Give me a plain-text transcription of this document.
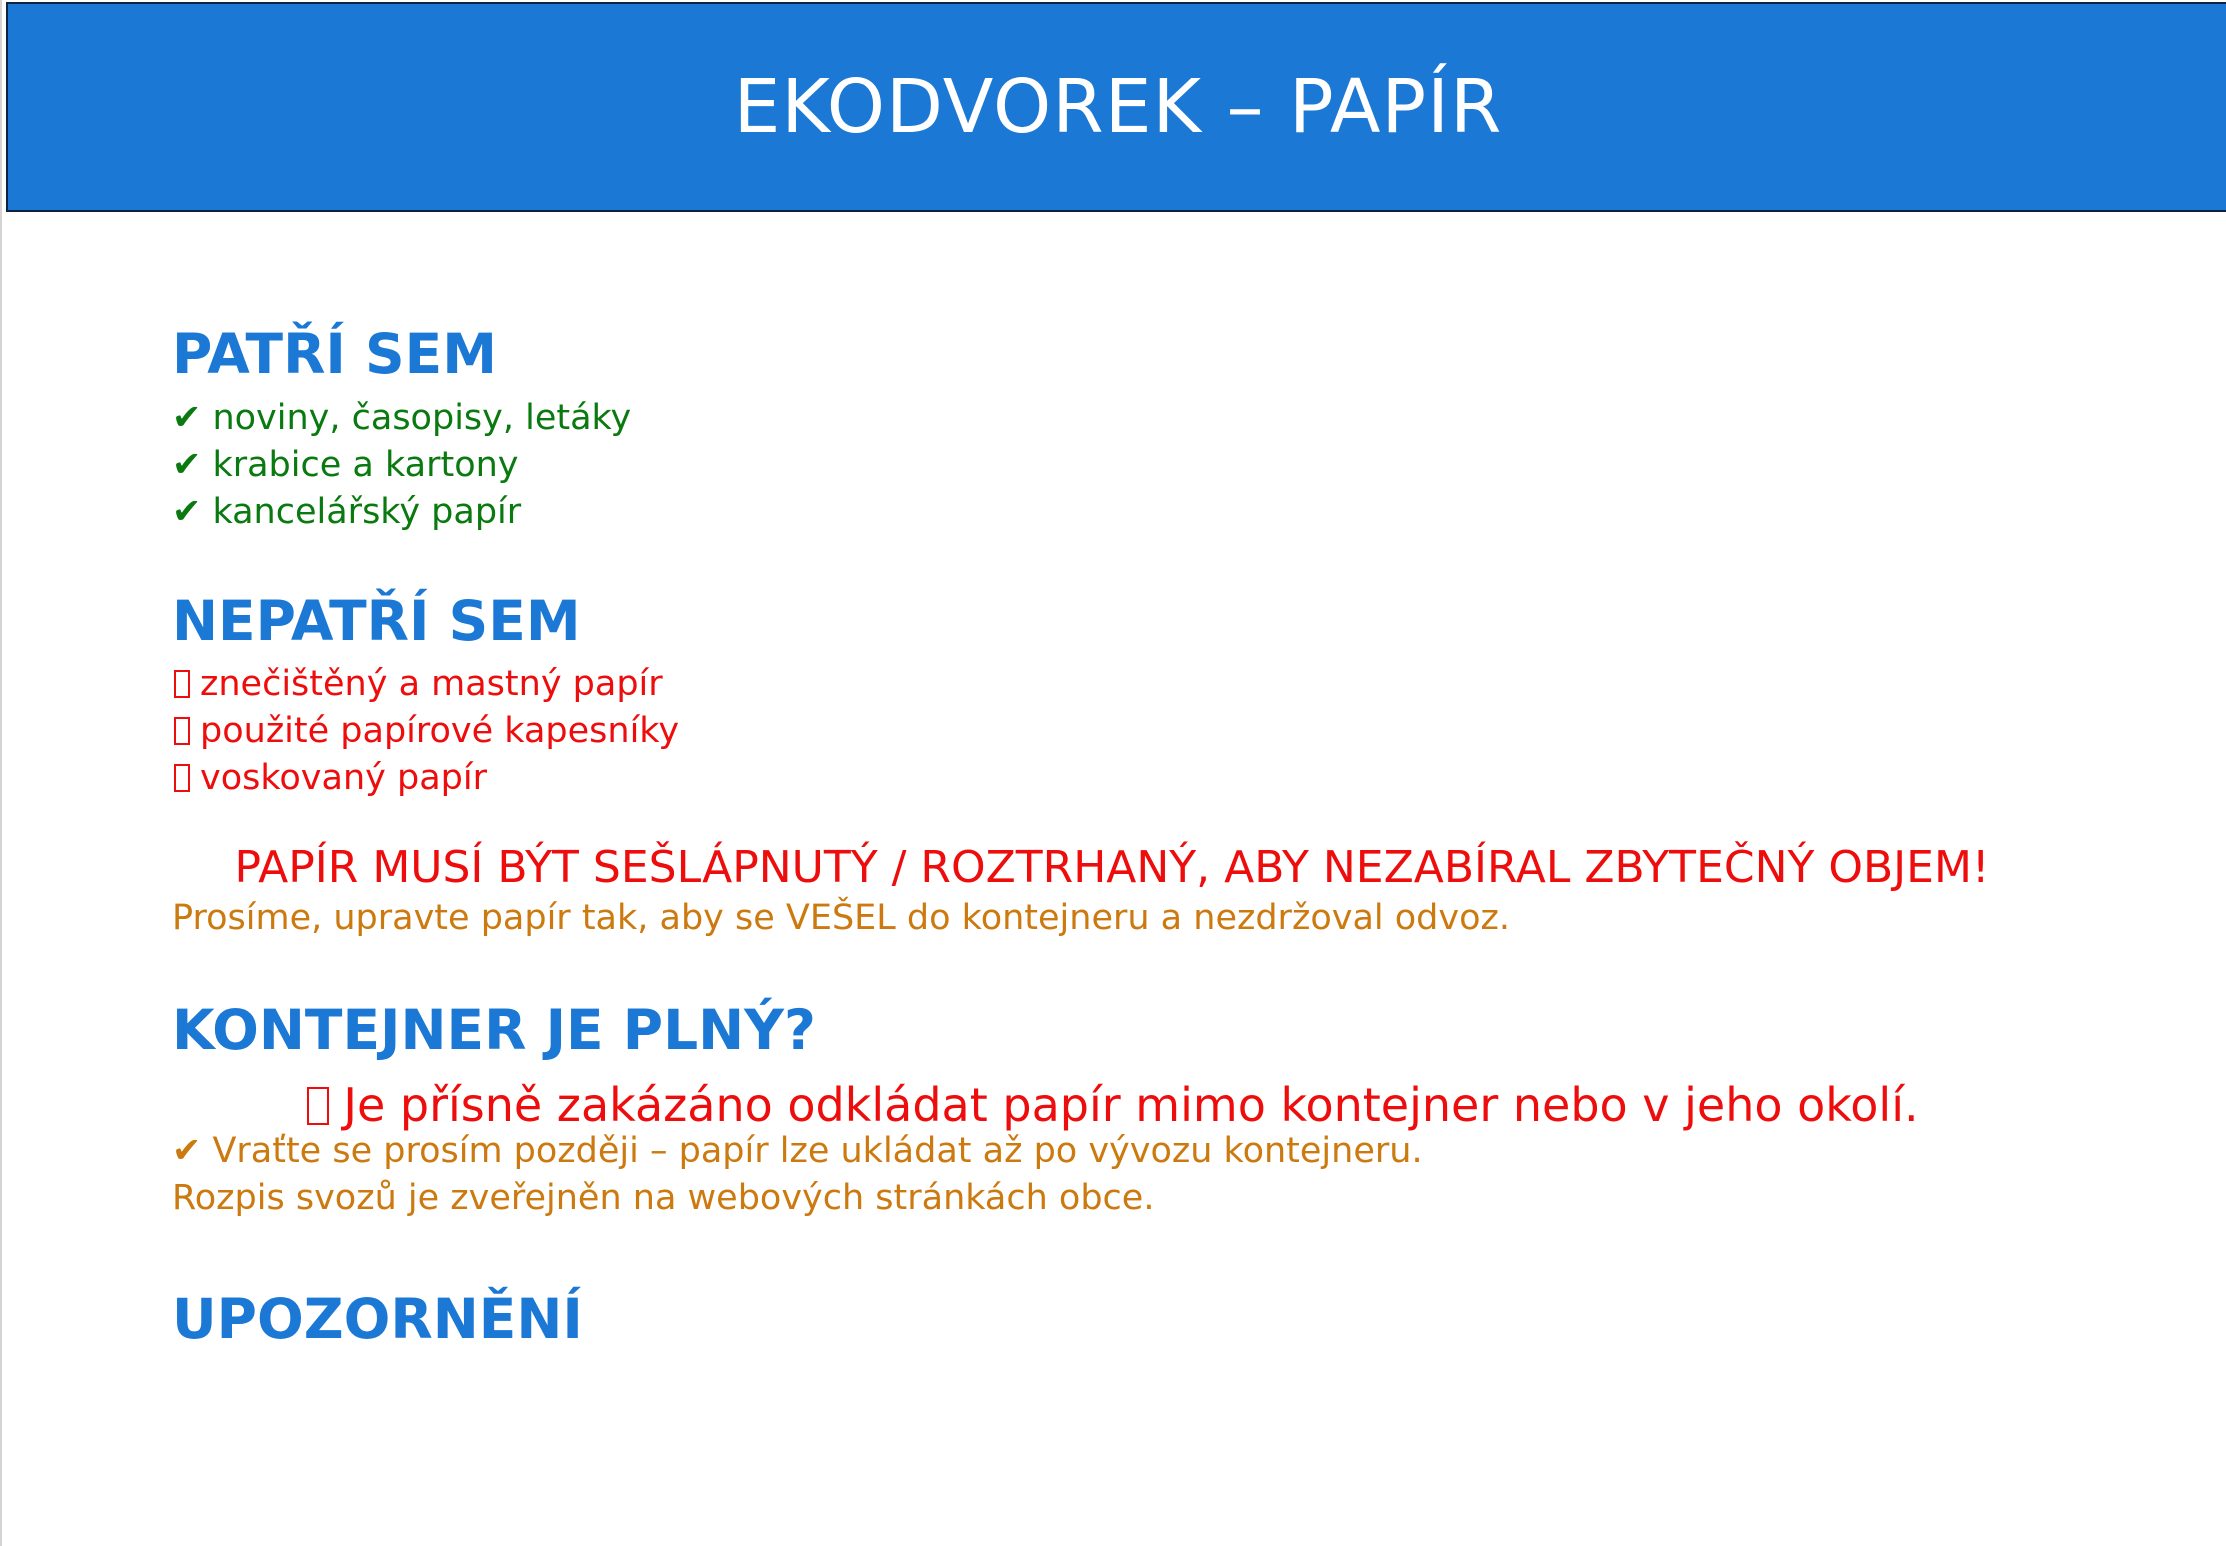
EKODVOREK – PAPÍR
PATŘÍ SEM
✔ noviny, časopisy, letáky
✔ krabice a kartony
✔ kancelářský papír
NEPATŘÍ SEM
znečištěný a mastný papír
použité papírové kapesníky
voskovaný papír
PAPÍR MUSÍ BÝT SEŠLÁPNUTÝ / ROZTRHANÝ, ABY NEZABÍRAL ZBYTEČNÝ OBJEM!
Prosíme, upravte papír tak, aby se VEŠEL do kontejneru a nezdržoval odvoz.
KONTEJNER JE PLNÝ?
Je přísně zakázáno odkládat papír mimo kontejner nebo v jeho okolí.
✔ Vraťte se prosím později – papír lze ukládat až po vývozu kontejneru.
Rozpis svozů je zveřejněn na webových stránkách obce.
UPOZORNĚNÍ
